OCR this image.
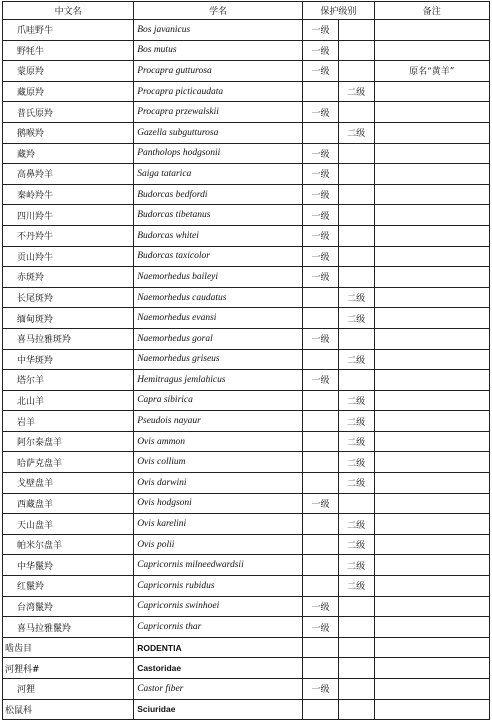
中文名	学名	保护级别		备注
爪哇野牛	Bos javanicus	一级		
野牦牛	Bos mutus	一级		
蒙原羚	Procapra gutturosa	一级		原名“黄羊”
藏原羚	Procapra picticaudata		二级	
普氏原羚	Procapra przewalskii	一级		
鹅喉羚	Gazella subgutturosa		二级	
藏羚	Pantholops hodgsonii	一级		
高鼻羚羊	Saiga tatarica	一级		
秦岭羚牛	Budorcas bedfordi	一级		
四川羚牛	Budorcas tibetanus	一级		
不丹羚牛	Budorcas whitei	一级		
贡山羚牛	Budorcas taxicolor	一级		
赤斑羚	Naemorhedus baileyi	一级		
长尾斑羚	Naemorhedus caudatus		二级	
缅甸斑羚	Naemorhedus evansi		二级	
喜马拉雅斑羚	Naemorhedus goral	一级		
中华斑羚	Naemorhedus griseus		二级	
塔尔羊	Hemitragus jemlahicus	一级		
北山羊	Capra sibirica		二级	
岩羊	Pseudois nayaur		二级	
阿尔泰盘羊	Ovis ammon		二级	
哈萨克盘羊	Ovis collium		二级	
戈壁盘羊	Ovis darwini		二级	
西藏盘羊	Ovis hodgsoni	一级		
天山盘羊	Ovis karelini		二级	
帕米尔盘羊	Ovis polii		二级	
中华鬣羚	Capricornis milneedwardsii		二级	
红鬣羚	Capricornis rubidus		二级	
台湾鬣羚	Capricornis swinhoei	一级		
喜马拉雅鬣羚	Capricornis thar	一级		
啮齿目	RODENTIA			
河狸科#	Castoridae			
河狸	Castor fiber	一级		
松鼠科	Sciuridae			
